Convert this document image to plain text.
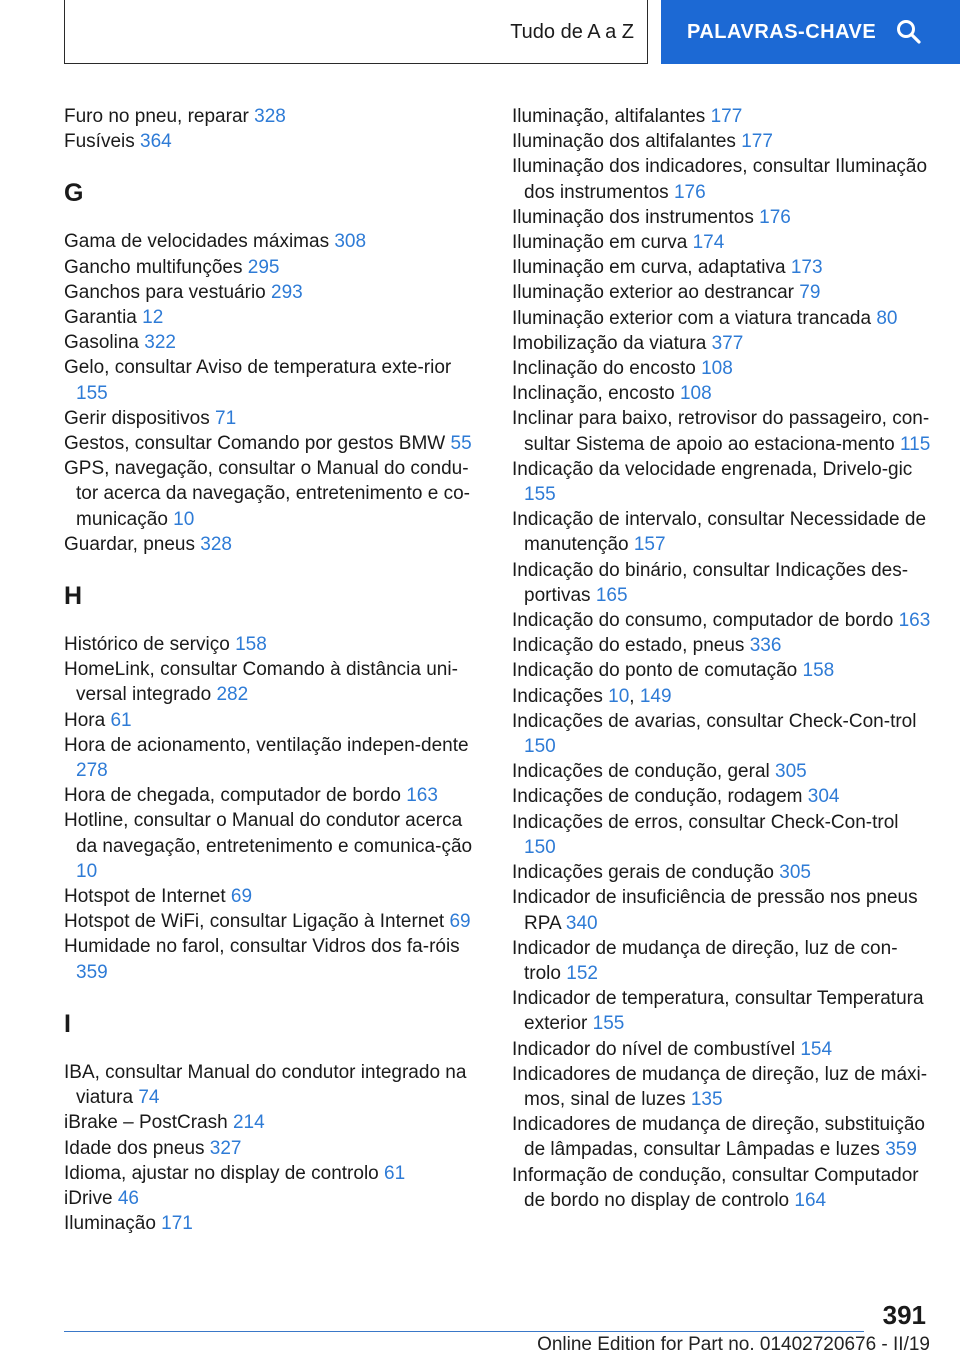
Tudo de A a Z	PALAVRAS-CHAVE
Furo no pneu, reparar 328
Fusíveis 364
G
Gama de velocidades máximas 308
Gancho multifunções 295
Ganchos para vestuário 293
Garantia 12
Gasolina 322
Gelo, consultar Aviso de temperatura exte-rior 155
Gerir dispositivos 71
Gestos, consultar Comando por gestos BMW 55
GPS, navegação, consultar o Manual do condu-tor acerca da navegação, entretenimento e co-municação 10
Guardar, pneus 328
H
Histórico de serviço 158
HomeLink, consultar Comando à distância uni-versal integrado 282
Hora 61
Hora de acionamento, ventilação indepen-dente 278
Hora de chegada, computador de bordo 163
Hotline, consultar o Manual do condutor acerca da navegação, entretenimento e comunica-ção 10
Hotspot de Internet 69
Hotspot de WiFi, consultar Ligação à Internet 69
Humidade no farol, consultar Vidros dos fa-róis 359
I
IBA, consultar Manual do condutor integrado na viatura 74
iBrake – PostCrash 214
Idade dos pneus 327
Idioma, ajustar no display de controlo 61
iDrive 46
Iluminação 171
Iluminação, altifalantes 177
Iluminação dos altifalantes 177
Iluminação dos indicadores, consultar Iluminação dos instrumentos 176
Iluminação dos instrumentos 176
Iluminação em curva 174
Iluminação em curva, adaptativa 173
Iluminação exterior ao destrancar 79
Iluminação exterior com a viatura trancada 80
Imobilização da viatura 377
Inclinação do encosto 108
Inclinação, encosto 108
Inclinar para baixo, retrovisor do passageiro, con-sultar Sistema de apoio ao estaciona-mento 115
Indicação da velocidade engrenada, Drivelo-gic 155
Indicação de intervalo, consultar Necessidade de manutenção 157
Indicação do binário, consultar Indicações des-portivas 165
Indicação do consumo, computador de bordo 163
Indicação do estado, pneus 336
Indicação do ponto de comutação 158
Indicações 10, 149
Indicações de avarias, consultar Check-Con-trol 150
Indicações de condução, geral 305
Indicações de condução, rodagem 304
Indicações de erros, consultar Check-Con-trol 150
Indicações gerais de condução 305
Indicador de insuficiência de pressão nos pneus RPA 340
Indicador de mudança de direção, luz de con-trolo 152
Indicador de temperatura, consultar Temperatura exterior 155
Indicador do nível de combustível 154
Indicadores de mudança de direção, luz de máxi-mos, sinal de luzes 135
Indicadores de mudança de direção, substituição de lâmpadas, consultar Lâmpadas e luzes 359
Informação de condução, consultar Computador de bordo no display de controlo 164
391
Online Edition for Part no. 01402720676 - II/19
